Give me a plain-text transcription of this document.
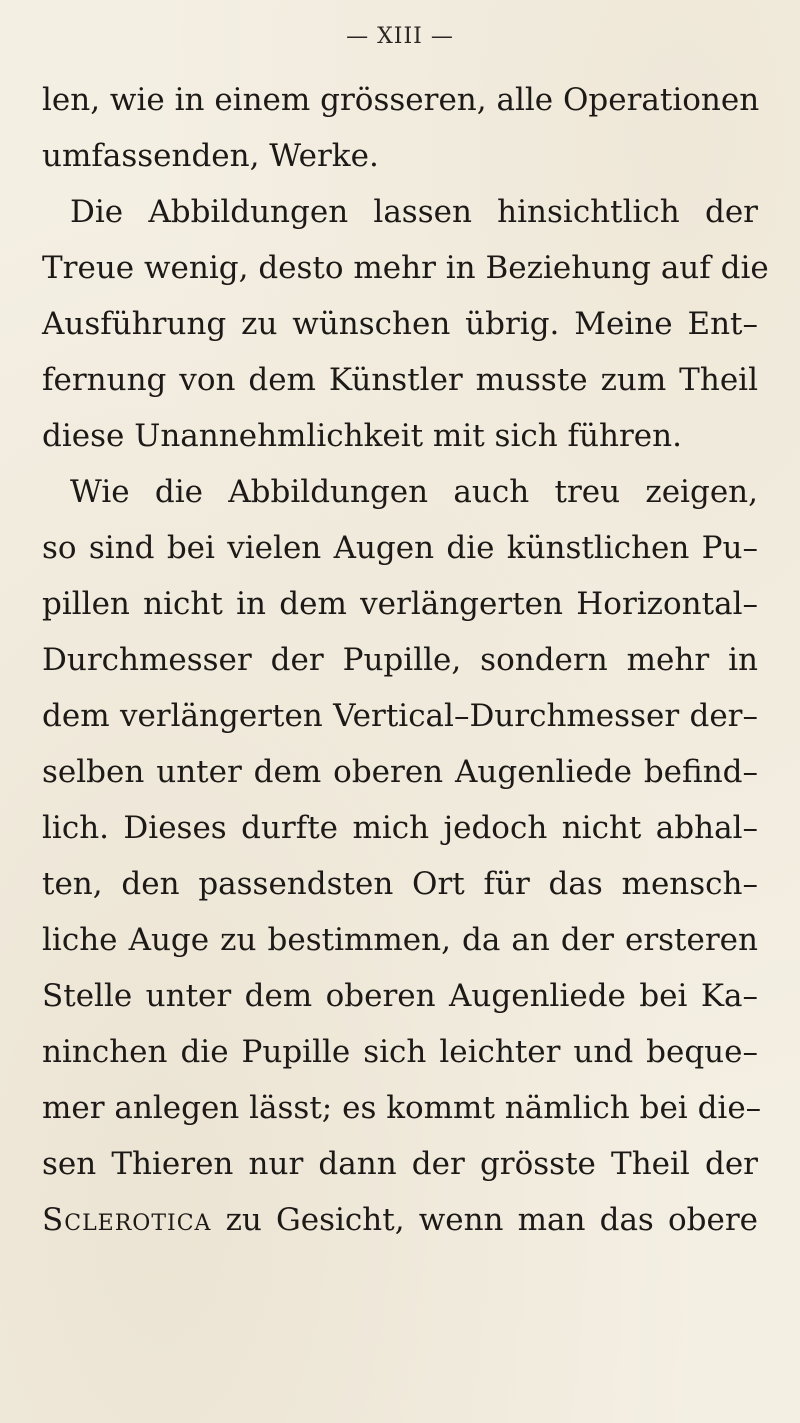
— XIII —
len, wie in einem grösseren, alle Operationen
umfassenden, Werke.
Die Abbildungen lassen hinsichtlich der
Treue wenig, desto mehr in Beziehung auf die
Ausführung zu wünschen übrig. Meine Ent–
fernung von dem Künstler musste zum Theil
diese Unannehmlichkeit mit sich führen.
Wie die Abbildungen auch treu zeigen,
so sind bei vielen Augen die künstlichen Pu–
pillen nicht in dem verlängerten Horizontal–
Durchmesser der Pupille, sondern mehr in
dem verlängerten Vertical–Durchmesser der–
selben unter dem oberen Augenliede befind–
lich. Dieses durfte mich jedoch nicht abhal–
ten, den passendsten Ort für das mensch–
liche Auge zu bestimmen, da an der ersteren
Stelle unter dem oberen Augenliede bei Ka–
ninchen die Pupille sich leichter und beque–
mer anlegen lässt; es kommt nämlich bei die–
sen Thieren nur dann der grösste Theil der
Sclerotica zu Gesicht, wenn man das obere
